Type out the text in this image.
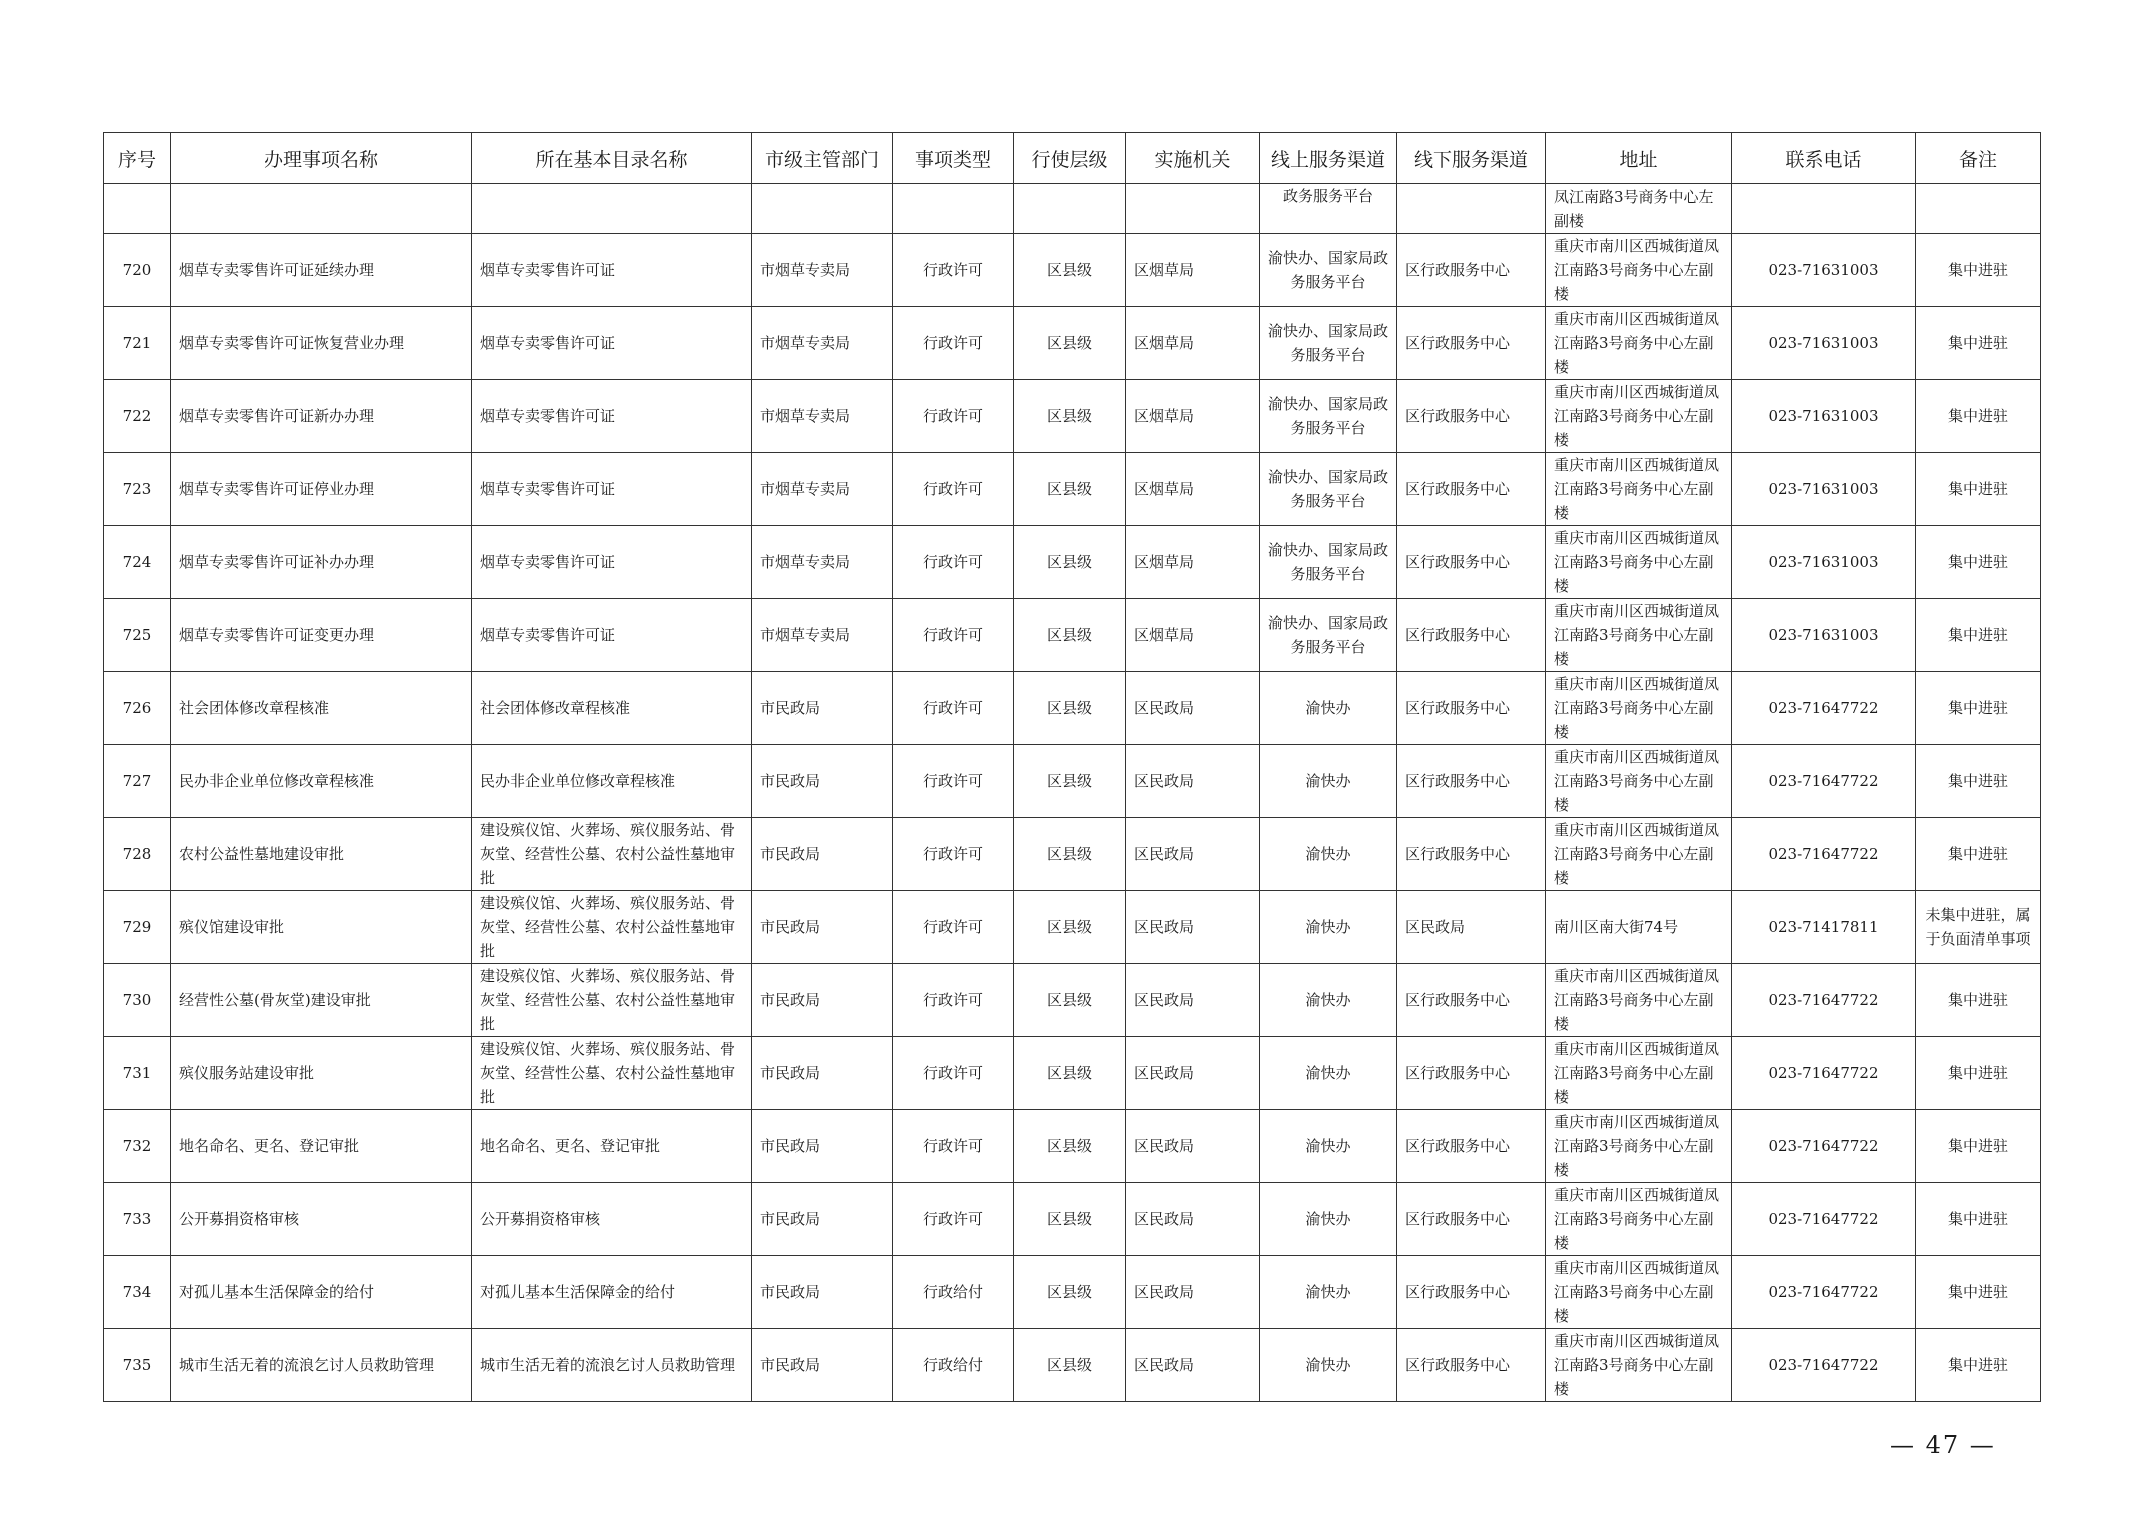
序号	办理事项名称	所在基本目录名称	市级主管部门	事项类型	行使层级	实施机关	线上服务渠道	线下服务渠道	地址	联系电话	备注
							政务服务平台		凤江南路3号商务中心左副楼		
720	烟草专卖零售许可证延续办理	烟草专卖零售许可证	市烟草专卖局	行政许可	区县级	区烟草局	渝快办、国家局政务服务平台	区行政服务中心	重庆市南川区西城街道凤江南路3号商务中心左副楼	023-71631003	集中进驻
721	烟草专卖零售许可证恢复营业办理	烟草专卖零售许可证	市烟草专卖局	行政许可	区县级	区烟草局	渝快办、国家局政务服务平台	区行政服务中心	重庆市南川区西城街道凤江南路3号商务中心左副楼	023-71631003	集中进驻
722	烟草专卖零售许可证新办办理	烟草专卖零售许可证	市烟草专卖局	行政许可	区县级	区烟草局	渝快办、国家局政务服务平台	区行政服务中心	重庆市南川区西城街道凤江南路3号商务中心左副楼	023-71631003	集中进驻
723	烟草专卖零售许可证停业办理	烟草专卖零售许可证	市烟草专卖局	行政许可	区县级	区烟草局	渝快办、国家局政务服务平台	区行政服务中心	重庆市南川区西城街道凤江南路3号商务中心左副楼	023-71631003	集中进驻
724	烟草专卖零售许可证补办办理	烟草专卖零售许可证	市烟草专卖局	行政许可	区县级	区烟草局	渝快办、国家局政务服务平台	区行政服务中心	重庆市南川区西城街道凤江南路3号商务中心左副楼	023-71631003	集中进驻
725	烟草专卖零售许可证变更办理	烟草专卖零售许可证	市烟草专卖局	行政许可	区县级	区烟草局	渝快办、国家局政务服务平台	区行政服务中心	重庆市南川区西城街道凤江南路3号商务中心左副楼	023-71631003	集中进驻
726	社会团体修改章程核准	社会团体修改章程核准	市民政局	行政许可	区县级	区民政局	渝快办	区行政服务中心	重庆市南川区西城街道凤江南路3号商务中心左副楼	023-71647722	集中进驻
727	民办非企业单位修改章程核准	民办非企业单位修改章程核准	市民政局	行政许可	区县级	区民政局	渝快办	区行政服务中心	重庆市南川区西城街道凤江南路3号商务中心左副楼	023-71647722	集中进驻
728	农村公益性墓地建设审批	建设殡仪馆、火葬场、殡仪服务站、骨灰堂、经营性公墓、农村公益性墓地审批	市民政局	行政许可	区县级	区民政局	渝快办	区行政服务中心	重庆市南川区西城街道凤江南路3号商务中心左副楼	023-71647722	集中进驻
729	殡仪馆建设审批	建设殡仪馆、火葬场、殡仪服务站、骨灰堂、经营性公墓、农村公益性墓地审批	市民政局	行政许可	区县级	区民政局	渝快办	区民政局	南川区南大街74号	023-71417811	未集中进驻，属于负面清单事项
730	经营性公墓(骨灰堂)建设审批	建设殡仪馆、火葬场、殡仪服务站、骨灰堂、经营性公墓、农村公益性墓地审批	市民政局	行政许可	区县级	区民政局	渝快办	区行政服务中心	重庆市南川区西城街道凤江南路3号商务中心左副楼	023-71647722	集中进驻
731	殡仪服务站建设审批	建设殡仪馆、火葬场、殡仪服务站、骨灰堂、经营性公墓、农村公益性墓地审批	市民政局	行政许可	区县级	区民政局	渝快办	区行政服务中心	重庆市南川区西城街道凤江南路3号商务中心左副楼	023-71647722	集中进驻
732	地名命名、更名、登记审批	地名命名、更名、登记审批	市民政局	行政许可	区县级	区民政局	渝快办	区行政服务中心	重庆市南川区西城街道凤江南路3号商务中心左副楼	023-71647722	集中进驻
733	公开募捐资格审核	公开募捐资格审核	市民政局	行政许可	区县级	区民政局	渝快办	区行政服务中心	重庆市南川区西城街道凤江南路3号商务中心左副楼	023-71647722	集中进驻
734	对孤儿基本生活保障金的给付	对孤儿基本生活保障金的给付	市民政局	行政给付	区县级	区民政局	渝快办	区行政服务中心	重庆市南川区西城街道凤江南路3号商务中心左副楼	023-71647722	集中进驻
735	城市生活无着的流浪乞讨人员救助管理	城市生活无着的流浪乞讨人员救助管理	市民政局	行政给付	区县级	区民政局	渝快办	区行政服务中心	重庆市南川区西城街道凤江南路3号商务中心左副楼	023-71647722	集中进驻
— 47 —
